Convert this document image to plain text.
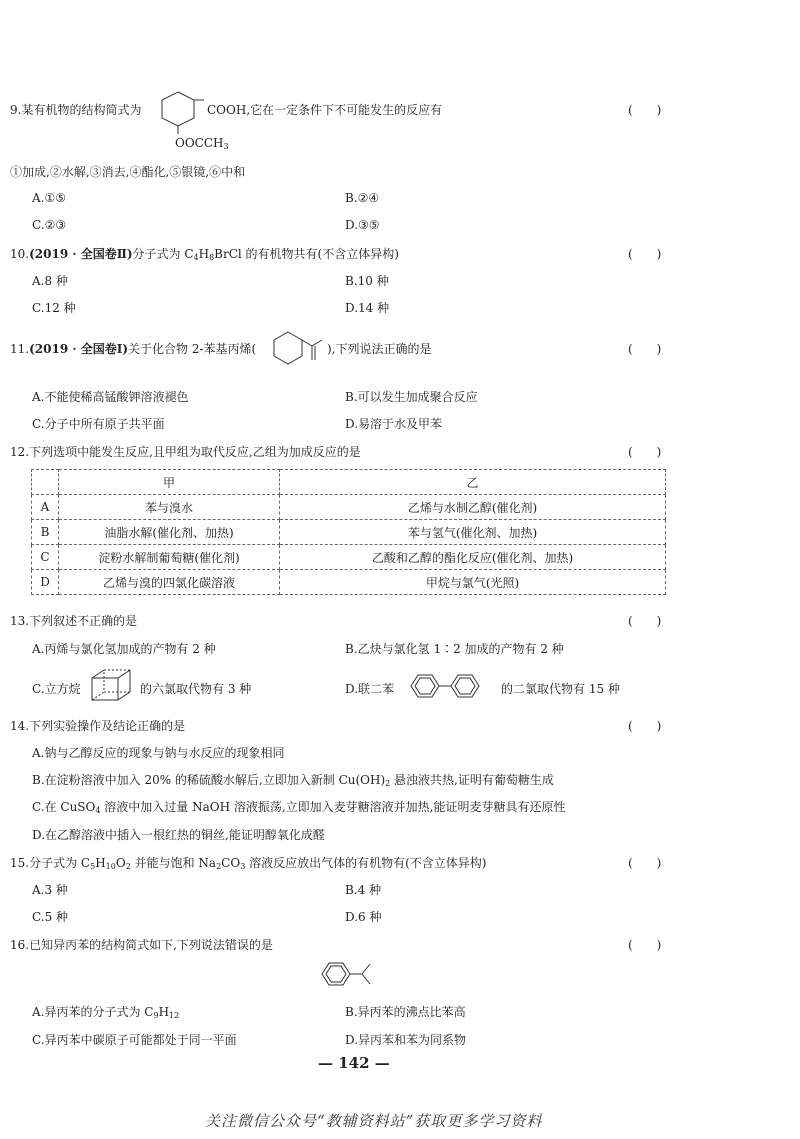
9.某有机物的结构简式为	COOH,它在一定条件下不可能发生的反应有
$OOCCH_3$
(　　)
①加成,②水解,③消去,④酯化,⑤银镜,⑥中和
A.①⑤	B.②④
C.②③	D.③⑤
10.(2019 · 全国卷Ⅱ)分子式为 $C_4H_8BrCl$ 的有机物共有(不含立体异构)	(　　)
A.8 种	B.10 种
C.12 种	D.14 种
11.(2019 · 全国卷Ⅰ)关于化合物 2-苯基丙烯(	),下列说法正确的是	(　　)
A.不能使稀高锰酸钾溶液褪色	B.可以发生加成聚合反应
C.分子中所有原子共平面	D.易溶于水及甲苯
12.下列选项中能发生反应,且甲组为取代反应,乙组为加成反应的是	(　　)
	甲	乙
A	苯与溴水	乙烯与水制乙醇(催化剂)
B	油脂水解(催化剂、加热)	苯与氢气(催化剂、加热)
C	淀粉水解制葡萄糖(催化剂)	乙酸和乙醇的酯化反应(催化剂、加热)
D	乙烯与溴的四氯化碳溶液	甲烷与氯气(光照)
13.下列叙述不正确的是	(　　)
A.丙烯与氯化氢加成的产物有 2 种	B.乙炔与氯化氢 1∶2 加成的产物有 2 种
C.立方烷	的六氯取代物有 3 种	D.联二苯	的二氯取代物有 15 种
14.下列实验操作及结论正确的是	(　　)
A.钠与乙醇反应的现象与钠与水反应的现象相同
B.在淀粉溶液中加入 20% 的稀硫酸水解后,立即加入新制 $Cu(OH)_2$ 悬浊液共热,证明有葡萄糖生成
C.在 CuSO$_4$ 溶液中加入过量 NaOH 溶液振荡,立即加入麦芽糖溶液并加热,能证明麦芽糖具有还原性
D.在乙醇溶液中插入一根红热的铜丝,能证明醇氧化成醛
15.分子式为 $C_5H_{10}O_2$ 并能与饱和 $Na_2CO_3$ 溶液反应放出气体的有机物有(不含立体异构)	(　　)
A.3 种	B.4 种
C.5 种	D.6 种
16.已知异丙苯的结构简式如下,下列说法错误的是	(　　)
A.异丙苯的分子式为 $C_9H_{12}$	B.异丙苯的沸点比苯高
C.异丙苯中碳原子可能都处于同一平面	D.异丙苯和苯为同系物
— 142 —
关注微信公众号“教辅资料站”获取更多学习资料
